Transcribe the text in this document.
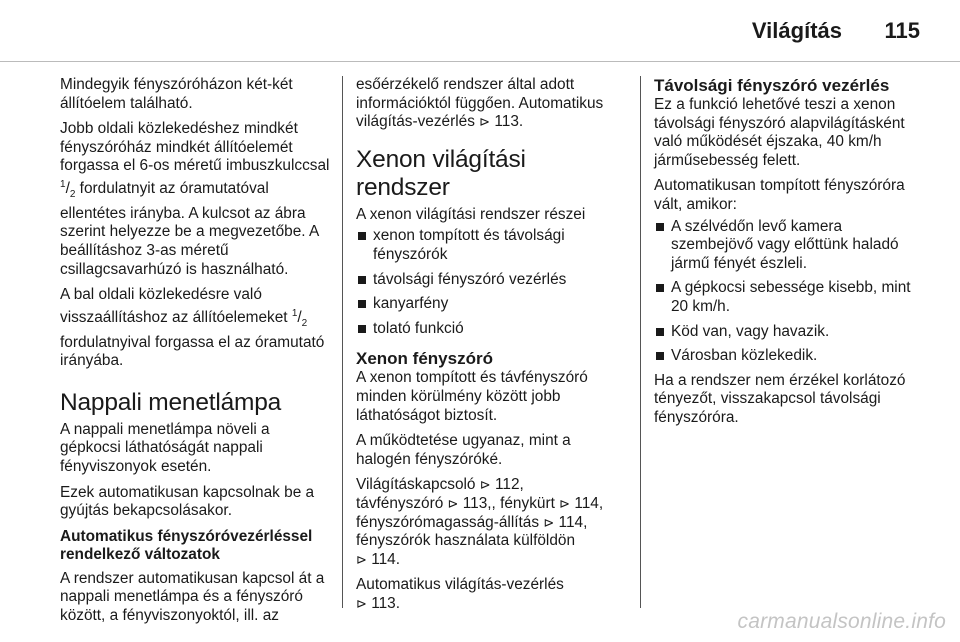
Világítás 115

Mindegyik fényszóróházon két-két állítóelem található.

Jobb oldali közlekedéshez mindkét fényszóróház mindkét állítóelemét forgassa el 6-os méretű imbuszkulccsal $^1/_2$ fordulatnyit az óramutatóval ellentétes irányba. A kulcsot az ábra szerint helyezze be a megvezetőbe. A beállításhoz 3-as méretű csillagcsavarhúzó is használható.

A bal oldali közlekedésre való visszaállításhoz az állítóelemeket $^1/_2$ fordulatnyival forgassa el az óramutató irányába.

Nappali menetlámpa

A nappali menetlámpa növeli a gépkocsi láthatóságát nappali fényviszonyok esetén.

Ezek automatikusan kapcsolnak be a gyújtás bekapcsolásakor.

Automatikus fényszóróvezérléssel rendelkező változatok

A rendszer automatikusan kapcsol át a nappali menetlámpa és a fényszóró között, a fényviszonyoktól, ill. az

esőérzékelő rendszer által adott információktól függően. Automatikus világítás-vezérlés ⊳ 113.

Xenon világítási rendszer

A xenon világítási rendszer részei

xenon tompított és távolsági fényszórók
távolsági fényszóró vezérlés
kanyarfény
tolató funkció
Xenon fényszóró

A xenon tompított és távfényszóró minden körülmény között jobb láthatóságot biztosít.

A működtetése ugyanaz, mint a halogén fényszóróké.

Világításkapcsoló ⊳ 112,
távfényszóró ⊳ 113,, fénykürt ⊳ 114,
fényszórómagasság-állítás ⊳ 114,
fényszórók használata külföldön
⊳ 114.

Automatikus világítás-vezérlés
⊳ 113.

Távolsági fényszóró vezérlés

Ez a funkció lehetővé teszi a xenon távolsági fényszóró alapvilágításként való működését éjszaka, 40 km/h járműsebesség felett.

Automatikusan tompított fényszóróra vált, amikor:

A szélvédőn levő kamera szembejövő vagy előttünk haladó jármű fényét észleli.
A gépkocsi sebessége kisebb, mint 20 km/h.
Köd van, vagy havazik.
Városban közlekedik.

Ha a rendszer nem érzékel korlátozó tényezőt, visszakapcsol távolsági fényszóróra.

carmanualsonline.info
